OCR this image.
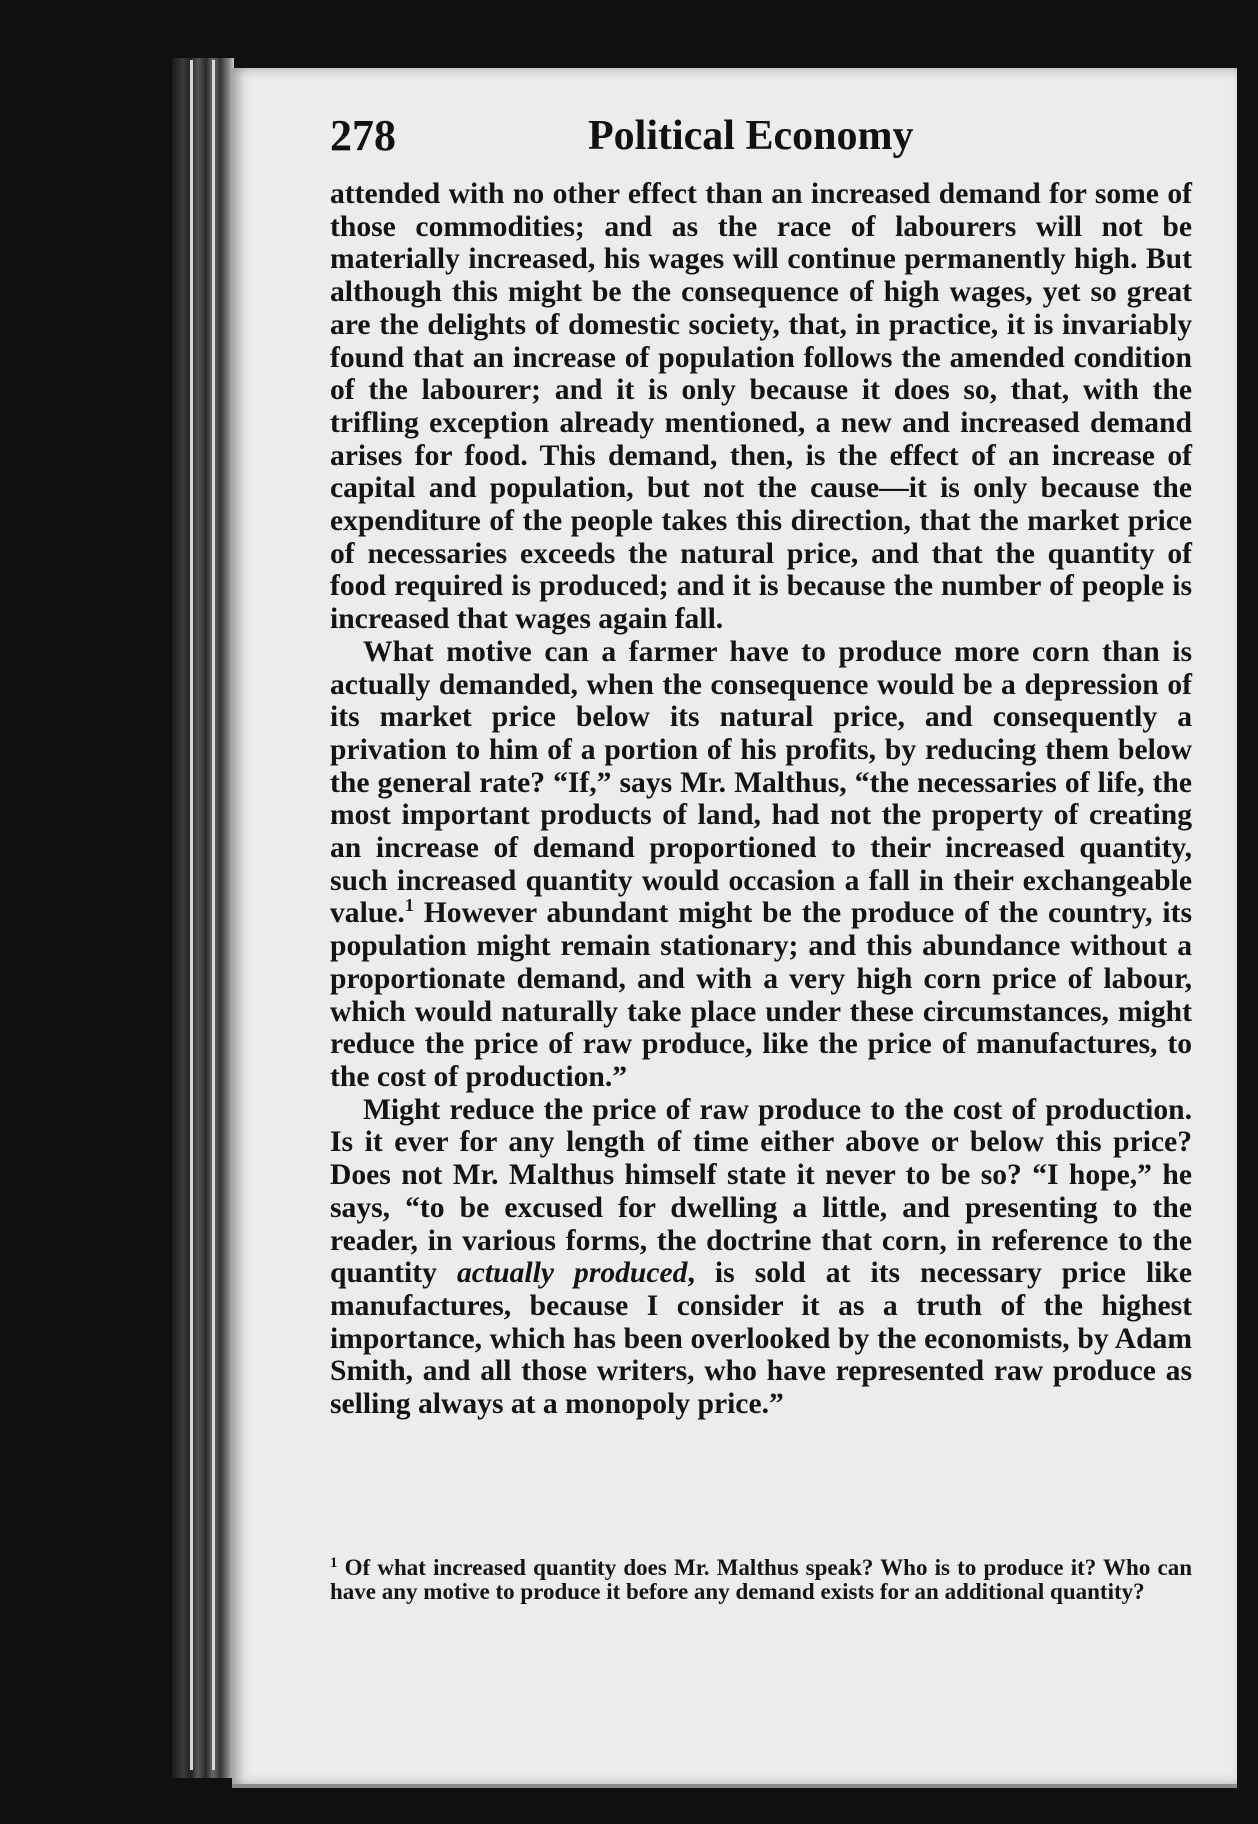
278	Political Economy

attended with no other effect than an increased demand for some of those commodities; and as the race of labourers will not be materially increased, his wages will continue permanently high. But although this might be the consequence of high wages, yet so great are the delights of domestic society, that, in practice, it is invariably found that an increase of population follows the amended condition of the labourer; and it is only because it does so, that, with the trifling exception already mentioned, a new and increased demand arises for food. This demand, then, is the effect of an increase of capital and population, but not the cause—it is only because the expenditure of the people takes this direction, that the market price of necessaries exceeds the natural price, and that the quantity of food required is produced; and it is because the number of people is increased that wages again fall.

What motive can a farmer have to produce more corn than is actually demanded, when the consequence would be a depression of its market price below its natural price, and consequently a privation to him of a portion of his profits, by reducing them below the general rate? “If,” says Mr. Malthus, “the necessaries of life, the most important products of land, had not the property of creating an increase of demand proportioned to their increased quantity, such increased quantity would occasion a fall in their exchangeable value.$^1$ However abundant might be the produce of the country, its population might remain stationary; and this abundance without a proportionate demand, and with a very high corn price of labour, which would naturally take place under these circumstances, might reduce the price of raw produce, like the price of manufactures, to the cost of production.”

Might reduce the price of raw produce to the cost of production. Is it ever for any length of time either above or below this price? Does not Mr. Malthus himself state it never to be so? “I hope,” he says, “to be excused for dwelling a little, and presenting to the reader, in various forms, the doctrine that corn, in reference to the quantity actually produced, is sold at its necessary price like manufactures, because I consider it as a truth of the highest importance, which has been overlooked by the economists, by Adam Smith, and all those writers, who have represented raw produce as selling always at a monopoly price.”

$^1$ Of what increased quantity does Mr. Malthus speak? Who is to produce it? Who can have any motive to produce it before any demand exists for an additional quantity?
